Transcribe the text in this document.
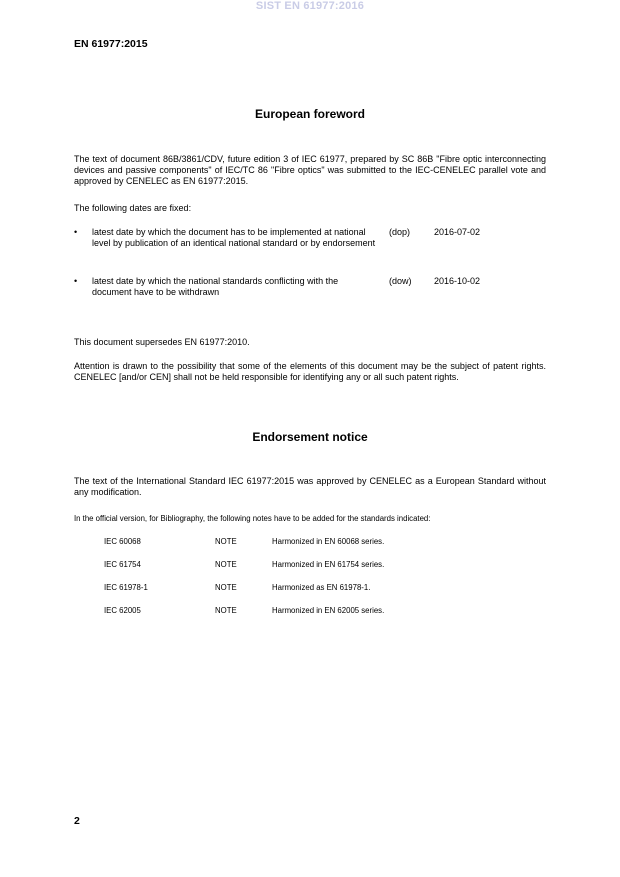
SIST EN 61977:2016
EN 61977:2015
European foreword
The text of document 86B/3861/CDV, future edition 3 of IEC 61977, prepared by SC 86B "Fibre optic interconnecting devices and passive components" of IEC/TC 86 "Fibre optics" was submitted to the IEC-CENELEC parallel vote and approved by CENELEC as EN 61977:2015.
The following dates are fixed:
• latest date by which the document has to be implemented at national level by publication of an identical national standard or by endorsement
(dop)	2016-07-02
• latest date by which the national standards conflicting with the document have to be withdrawn
(dow) 2016-10-02
This document supersedes EN 61977:2010.
Attention is drawn to the possibility that some of the elements of this document may be the subject of patent rights. CENELEC [and/or CEN] shall not be held responsible for identifying any or all such patent rights.
Endorsement notice
The text of the International Standard IEC 61977:2015 was approved by CENELEC as a European Standard without any modification.
In the official version, for Bibliography, the following notes have to be added for the standards indicated:
IEC 60068	NOTE	Harmonized in EN 60068 series.
IEC 61754	NOTE	Harmonized in EN 61754 series.
IEC 61978-1	NOTE	Harmonized as EN 61978-1.
IEC 62005	NOTE	Harmonized in EN 62005 series.
2
